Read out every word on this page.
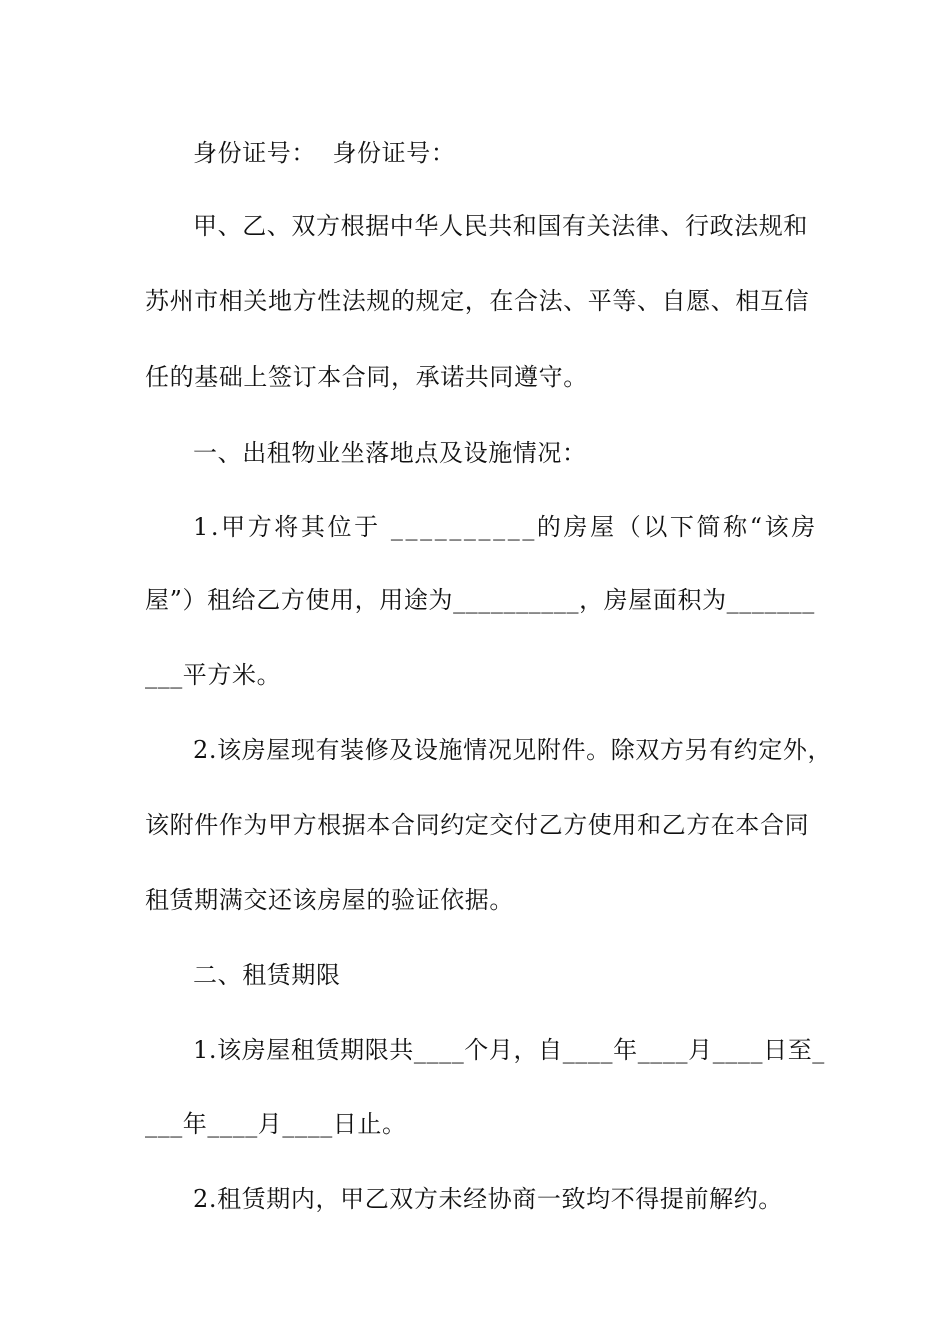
身份证号：  身份证号：
甲、乙、双方根据中华人民共和国有关法律、行政法规和
苏州市相关地方性法规的规定，在合法、平等、自愿、相互信
任的基础上签订本合同，承诺共同遵守。
一、出租物业坐落地点及设施情况：
1.甲方将其位于 __________的房屋（以下简称“该房
屋”）租给乙方使用，用途为__________，房屋面积为_______
___平方米。
2.该房屋现有装修及设施情况见附件。除双方另有约定外，
该附件作为甲方根据本合同约定交付乙方使用和乙方在本合同
租赁期满交还该房屋的验证依据。
二、租赁期限
1.该房屋租赁期限共____个月，自____年____月____日至_
___年____月____日止。
2.租赁期内，甲乙双方未经协商一致均不得提前解约。
